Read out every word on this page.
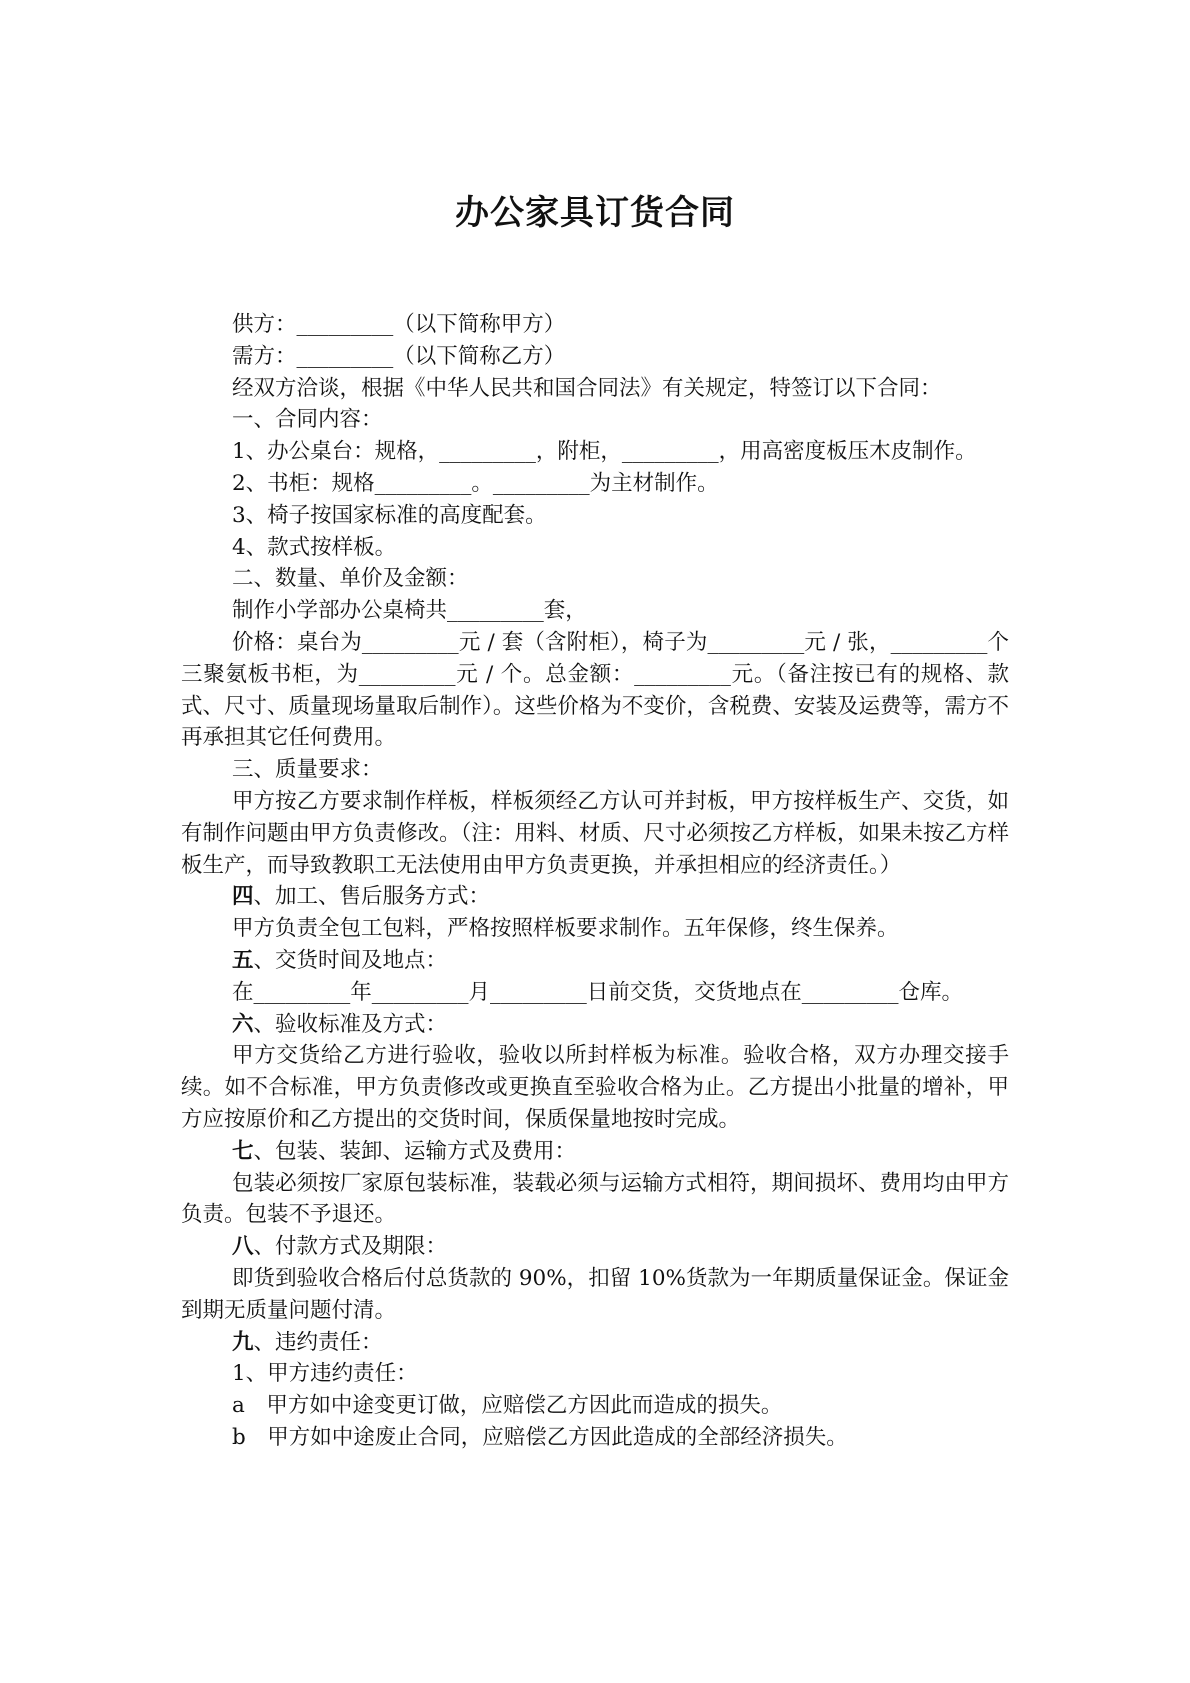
办公家具订货合同

供方：_________（以下简称甲方）

需方：_________（以下简称乙方）

经双方洽谈，根据《中华人民共和国合同法》有关规定，特签订以下合同：

一、合同内容：

1、办公桌台：规格，_________，附柜，_________，用高密度板压木皮制作。

2、书柜：规格_________。_________为主材制作。

3、椅子按国家标准的高度配套。

4、款式按样板。

二、数量、单价及金额：

制作小学部办公桌椅共_________套，

价格：桌台为_________元 / 套（含附柜），椅子为_________元 / 张，_________个三聚氨板书柜，为_________元 / 个。总金额：_________元。（备注按已有的规格、款式、尺寸、质量现场量取后制作）。这些价格为不变价，含税费、安装及运费等，需方不再承担其它任何费用。

三、质量要求：

甲方按乙方要求制作样板，样板须经乙方认可并封板，甲方按样板生产、交货，如有制作问题由甲方负责修改。（注：用料、材质、尺寸必须按乙方样板，如果未按乙方样板生产，而导致教职工无法使用由甲方负责更换，并承担相应的经济责任。）

四、加工、售后服务方式：

甲方负责全包工包料，严格按照样板要求制作。五年保修，终生保养。

五、交货时间及地点：

在_________年_________月_________日前交货，交货地点在_________仓库。

六、验收标准及方式：

甲方交货给乙方进行验收，验收以所封样板为标准。验收合格，双方办理交接手续。如不合标准，甲方负责修改或更换直至验收合格为止。乙方提出小批量的增补，甲方应按原价和乙方提出的交货时间，保质保量地按时完成。

七、包装、装卸、运输方式及费用：

包装必须按厂家原包装标准，装载必须与运输方式相符，期间损坏、费用均由甲方负责。包装不予退还。

八、付款方式及期限：

即货到验收合格后付总货款的 90%，扣留 10%货款为一年期质量保证金。保证金到期无质量问题付清。

九、违约责任：

1、甲方违约责任：

a　甲方如中途变更订做，应赔偿乙方因此而造成的损失。

b　甲方如中途废止合同，应赔偿乙方因此造成的全部经济损失。
